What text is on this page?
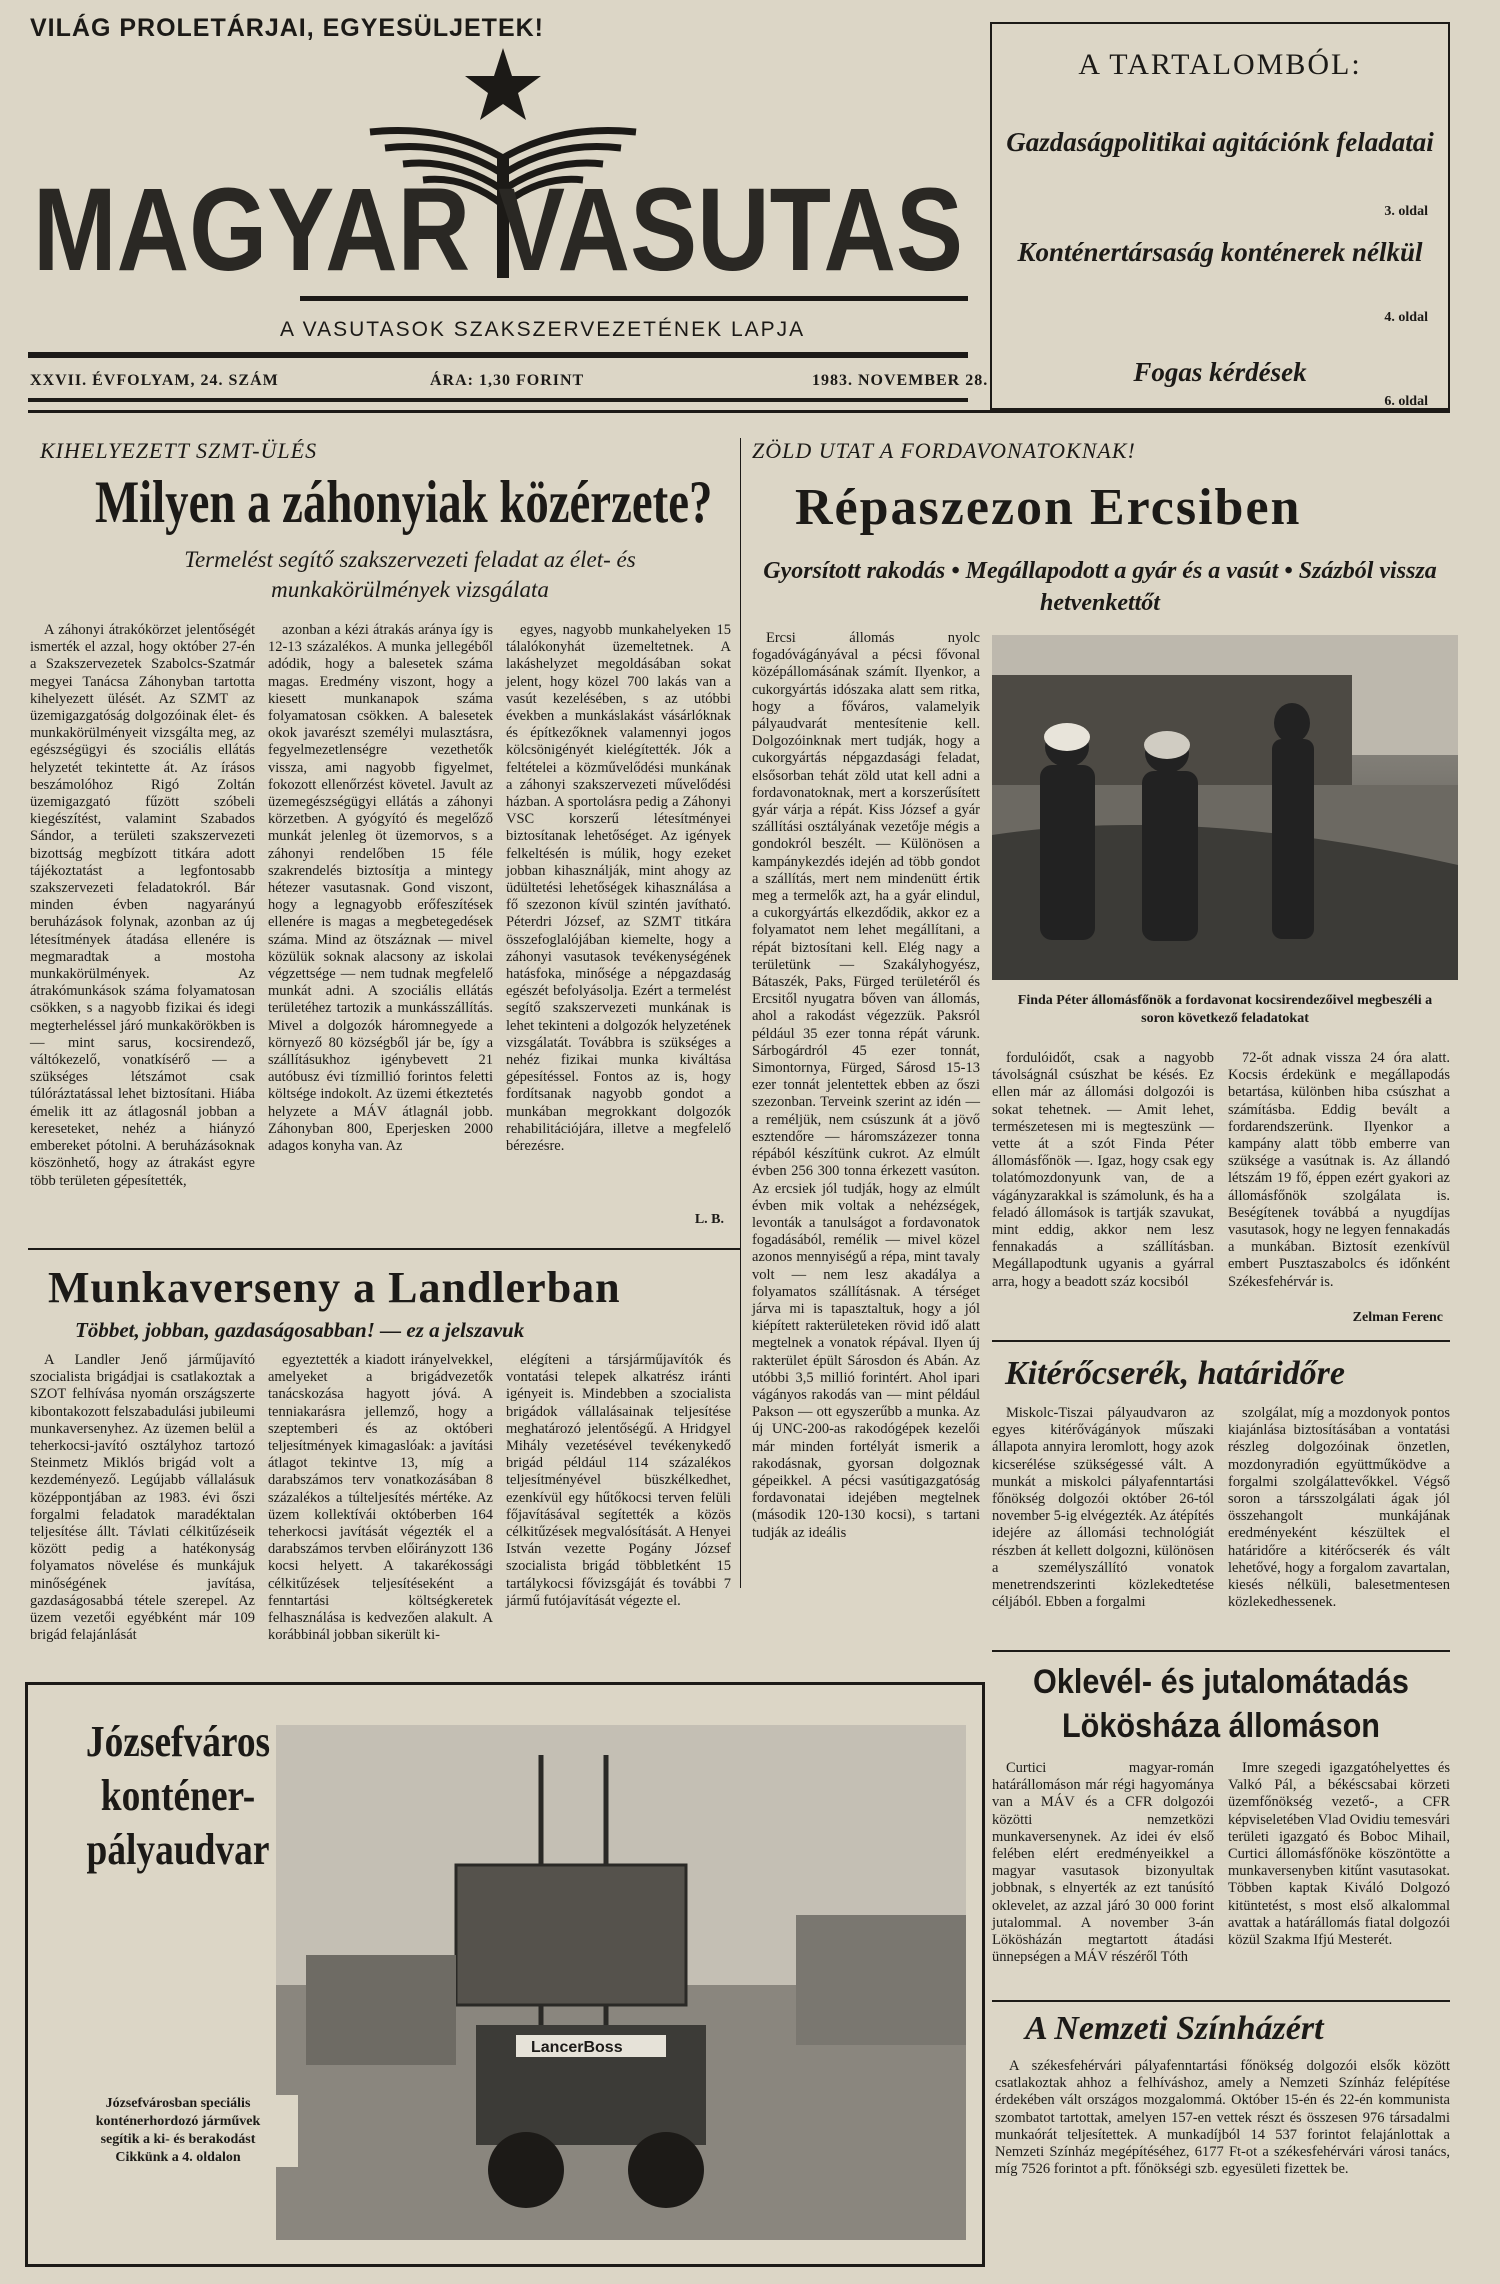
VILÁG PROLETÁRJAI, EGYESÜLJETEK!
MAGYAR VASUTAS
A VASUTASOK SZAKSZERVEZETÉNEK LAPJA
XXVII. ÉVFOLYAM, 24. SZÁM	ÁRA: 1,30 FORINT	1983. NOVEMBER 28.
A TARTALOMBÓL:
Gazdaságpolitikai agitációnk feladatai
3. oldal
Konténertársaság konténerek nélkül
4. oldal
Fogas kérdések
6. oldal
KIHELYEZETT SZMT-ÜLÉS
Milyen a záhonyiak közérzete?
Termelést segítő szakszervezeti feladat az élet- és munkakörülmények vizsgálata

A záhonyi átrakókörzet jelentőségét ismerték el azzal, hogy október 27-én a Szakszervezetek Szabolcs-Szatmár megyei Tanácsa Záhonyban tartotta kihelyezett ülését. Az SZMT az üzemigazgatóság dolgozóinak élet- és munkakörülményeit vizsgálta meg, az egészségügyi és szociális ellátás helyzetét tekintette át. Az írásos beszámolóhoz Rigó Zoltán üzemigazgató fűzött szóbeli kiegészítést, valamint Szabados Sándor, a területi szakszervezeti bizottság megbízott titkára adott tájékoztatást a legfontosabb szakszervezeti feladatokról. Bár minden évben nagyarányú beruházások folynak, azonban az új létesítmények átadása ellenére is megmaradtak a mostoha munkakörülmények. Az átrakómunkások száma folyamatosan csökken, s a nagyobb fizikai és idegi megterheléssel járó munkakörökben is — mint sarus, kocsirendező, váltókezelő, vonatkísérő — a szükséges létszámot csak túlóráztatással lehet biztosítani. Hiába émelik itt az átlagosnál jobban a kereseteket, nehéz a hiányzó embereket pótolni. A beruházásoknak köszönhető, hogy az átrakást egyre több területen gépesítették,

azonban a kézi átrakás aránya így is 12-13 százalékos. A munka jellegéből adódik, hogy a balesetek száma magas. Eredmény viszont, hogy a kiesett munkanapok száma folyamatosan csökken. A balesetek okok javarészt személyi mulasztásra, fegyelmezetlenségre vezethetők vissza, ami nagyobb figyelmet, fokozott ellenőrzést követel. Javult az üzemegészségügyi ellátás a záhonyi körzetben. A gyógyító és megelőző munkát jelenleg öt üzemorvos, s a záhonyi rendelőben 15 féle szakrendelés biztosítja a mintegy hétezer vasutasnak. Gond viszont, hogy a legnagyobb erőfeszítések ellenére is magas a megbetegedések száma. Mind az ötszáznak — mivel közülük soknak alacsony az iskolai végzettsége — nem tudnak megfelelő munkát adni. A szociális ellátás területéhez tartozik a munkásszállítás. Mivel a dolgozók háromnegyede a környező 80 községből jár be, így a szállításukhoz igénybevett 21 autóbusz évi tízmillió forintos feletti költsége indokolt. Az üzemi étkeztetés helyzete a MÁV átlagnál jobb. Záhonyban 800, Eperjesken 2000 adagos konyha van. Az

egyes, nagyobb munkahelyeken 15 tálalókonyhát üzemeltetnek. A lakáshelyzet megoldásában sokat jelent, hogy közel 700 lakás van a vasút kezelésében, s az utóbbi években a munkáslakást vásárlóknak és építkezőknek valamennyi jogos kölcsönigényét kielégítették. Jók a feltételei a közművelődési munkának a záhonyi szakszervezeti művelődési házban. A sportolásra pedig a Záhonyi VSC korszerű létesítményei biztosítanak lehetőséget. Az igények felkeltésén is múlik, hogy ezeket jobban kihasználják, mint ahogy az üdültetési lehetőségek kihasználása a fő szezonon kívül szintén javítható. Péterdri József, az SZMT titkára összefoglalójában kiemelte, hogy a záhonyi vasutasok tevékenységének hatásfoka, minősége a népgazdaság egészét befolyásolja. Ezért a termelést segítő szakszervezeti munkának is lehet tekinteni a dolgozók helyzetének vizsgálatát. Továbbra is szükséges a nehéz fizikai munka kiváltása gépesítéssel. Fontos az is, hogy fordítsanak nagyobb gondot a munkában megrokkant dolgozók rehabilitációjára, illetve a megfelelő bérezésre.

L. B.
ZÖLD UTAT A FORDAVONATOKNAK!
Répaszezon Ercsiben
Gyorsított rakodás • Megállapodott a gyár és a vasút • Százból vissza hetvenkettőt

Ercsi állomás nyolc fogadóvágányával a pécsi fővonal középállomásának számít. Ilyenkor, a cukorgyártás idószaka alatt sem ritka, hogy a főváros, valamelyik pályaudvarát mentesítenie kell. Dolgozóinknak mert tudják, hogy a cukorgyártás népgazdasági feladat, elsősorban tehát zöld utat kell adni a fordavonatoknak, mert a korszerűsített gyár várja a répát. Kiss József a gyár szállítási osztályának vezetője mégis a gondokról beszélt. — Különösen a kampánykezdés idején ad több gondot a szállítás, mert nem mindenütt értik meg a termelők azt, ha a gyár elindul, a cukorgyártás elkezdődik, akkor ez a folyamatot nem lehet megállítani, a répát biztosítani kell. Elég nagy a területünk — Szakályhogyész, Bátaszék, Paks, Fürged területéről és Ercsitől nyugatra bőven van állomás, ahol a rakodást végezzük. Paksról például 35 ezer tonna répát várunk. Sárbogárdról 45 ezer tonnát, Simontornya, Fürged, Sárosd 15-13 ezer tonnát jelentettek ebben az őszi szezonban. Terveink szerint az idén — a reméljük, nem csúszunk át a jövő esztendőre — háromszázezer tonna répából készítünk cukrot. Az elmúlt évben 256 300 tonna érkezett vasúton. Az ercsiek jól tudják, hogy az elmúlt évben mik voltak a nehézségek, levonták a tanulságot a fordavonatok fogadásából, remélik — mivel közel azonos mennyiségű a répa, mint tavaly volt — nem lesz akadálya a folyamatos szállításnak. A térséget járva mi is tapasztaltuk, hogy a jól kiépített rakterületeken rövid idő alatt megtelnek a vonatok répával. Ilyen új rakterület épült Sárosdon és Abán. Az utóbbi 3,5 millió forintért. Ahol ipari vágányos rakodás van — mint például Pakson — ott egyszerűbb a munka. Az új UNC-200-as rakodógépek kezelői már minden fortélyát ismerik a rakodásnak, gyorsan dolgoznak gépeikkel. A pécsi vasútigazgatóság fordavonatai idejében megtelnek (második 120-130 kocsi), s tartani tudják az ideális

Finda Péter állomásfőnök a fordavonat kocsirendezőivel megbeszéli a soron következő feladatokat

fordulóidőt, csak a nagyobb távolságnál csúszhat be késés. Ez ellen már az állomási dolgozói is sokat tehetnek. — Amit lehet, természetesen mi is megteszünk — vette át a szót Finda Péter állomásfőnök —. Igaz, hogy csak egy tolatómozdonyunk van, de a vágányzarakkal is számolunk, és ha a feladó állomások is tartják szavukat, mint eddig, akkor nem lesz fennakadás a szállításban. Megállapodtunk ugyanis a gyárral arra, hogy a beadott száz kocsiból

72-őt adnak vissza 24 óra alatt. Kocsis érdekünk e megállapodás betartása, különben hiba csúszhat a számításba. Eddig bevált a fordarendszerünk. Ilyenkor a kampány alatt több emberre van szüksége a vasútnak is. Az állandó létszám 19 fő, éppen ezért gyakori az állomásfőnök szolgálata is. Beségítenek továbbá a nyugdíjas vasutasok, hogy ne legyen fennakadás a munkában. Biztosít ezenkívül embert Pusztaszabolcs és időnként Székesfehérvár is.

Zelman Ferenc
Munkaverseny a Landlerban
Többet, jobban, gazdaságosabban! — ez a jelszavuk

A Landler Jenő járműjavító szocialista brigádjai is csatlakoztak a SZOT felhívása nyomán országszerte kibontakozott felszabadulási jubileumi munkaversenyhez. Az üzemen belül a teherkocsi-javító osztályhoz tartozó Steinmetz Miklós brigád volt a kezdeményező. Legújabb vállalásuk középpontjában az 1983. évi őszi forgalmi feladatok maradéktalan teljesítése állt. Távlati célkitűzéseik között pedig a hatékonyság folyamatos növelése és munkájuk minőségének javítása, gazdaságosabbá tétele szerepel. Az üzem vezetői egyébként már 109 brigád felajánlását

egyeztették a kiadott irányelvekkel, amelyeket a brigádvezetők tanácskozása hagyott jóvá. A tenniakarásra jellemző, hogy a szeptemberi és az októberi teljesítmények kimagaslóak: a javítási átlagot tekintve 13, míg a darabszámos terv vonatkozásában 8 százalékos a túlteljesítés mértéke. Az üzem kollektívái októberben 164 teherkocsi javítását végezték el a darabszámos tervben előirányzott 136 kocsi helyett. A takarékossági célkitűzések teljesítéseként a fenntartási költségkeretek felhasználása is kedvezően alakult. A korábbinál jobban sikerült ki-

elégíteni a társjárműjavítók és vontatási telepek alkatrész iránti igényeit is. Mindebben a szocialista brigádok vállalásainak teljesítése meghatározó jelentőségű. A Hridgyel Mihály vezetésével tevékenykedő brigád például 114 százalékos teljesítményével büszkélkedhet, ezenkívül egy hűtőkocsi terven felüli főjavításával segítették a közös célkitűzések megvalósítását. A Henyei István vezette Pogány József szocialista brigád többletként 15 tartálykocsi fővizsgáját és további 7 jármű futójavítását végezte el.

Kitérőcserék, határidőre

Miskolc-Tiszai pályaudvaron az egyes kitérővágányok műszaki állapota annyira leromlott, hogy azok kicserélése szükségessé vált. A munkát a miskolci pályafenntartási főnökség dolgozói október 26-tól november 5-ig elvégezték. Az átépítés idejére az állomási technológiát részben át kellett dolgozni, különösen a személyszállító vonatok menetrendszerinti közlekedtetése céljából. Ebben a forgalmi

szolgálat, míg a mozdonyok pontos kiajánlása biztosításában a vontatási részleg dolgozóinak önzetlen, mozdonyradión együttműködve a forgalmi szolgálattevőkkel. Végső soron a társszolgálati ágak jól összehangolt munkájának eredményeként készültek el határidőre a kitérőcserék és vált lehetővé, hogy a forgalom zavartalan, kiesés nélküli, balesetmentesen közlekedhessenek.

Józsefváros
konténer-
pályaudvar
LancerBoss
Józsefvárosban speciális
konténerhordozó járművek
segítik a ki- és berakodást
Cikkünk a 4. oldalon
Oklevél- és jutalomátadás
Lökösháza állomáson

Curtici magyar-román határállomáson már régi hagyománya van a MÁV és a CFR dolgozói közötti nemzetközi munkaversenynek. Az idei év első felében elért eredményeikkel a magyar vasutasok bizonyultak jobbnak, s elnyerték az ezt tanúsító oklevelet, az azzal járó 30 000 forint jutalommal. A november 3-án Lökösházán megtartott átadási ünnepségen a MÁV részéről Tóth

Imre szegedi igazgatóhelyettes és Valkó Pál, a békéscsabai körzeti üzemfőnökség vezető-, a CFR képviseletében Vlad Ovidiu temesvári területi igazgató és Boboc Mihail, Curtici állomásfőnöke köszöntötte a munkaversenyben kitűnt vasutasokat. Többen kaptak Kiváló Dolgozó kitüntetést, s most első alkalommal avattak a határállomás fiatal dolgozói közül Szakma Ifjú Mesterét.

A Nemzeti Színházért

A székesfehérvári pályafenntartási főnökség dolgozói elsők között csatlakoztak ahhoz a felhíváshoz, amely a Nemzeti Színház felépítése érdekében vált országos mozgalommá. Október 15-én és 22-én kommunista szombatot tartottak, amelyen 157-en vettek részt és összesen 976 társadalmi munkaórát teljesítettek. A munkadíjból 14 537 forintot felajánlottak a Nemzeti Színház megépítéséhez, 6177 Ft-ot a székesfehérvári városi tanács, míg 7526 forintot a pft. főnökségi szb. egyesületi fizettek be.
